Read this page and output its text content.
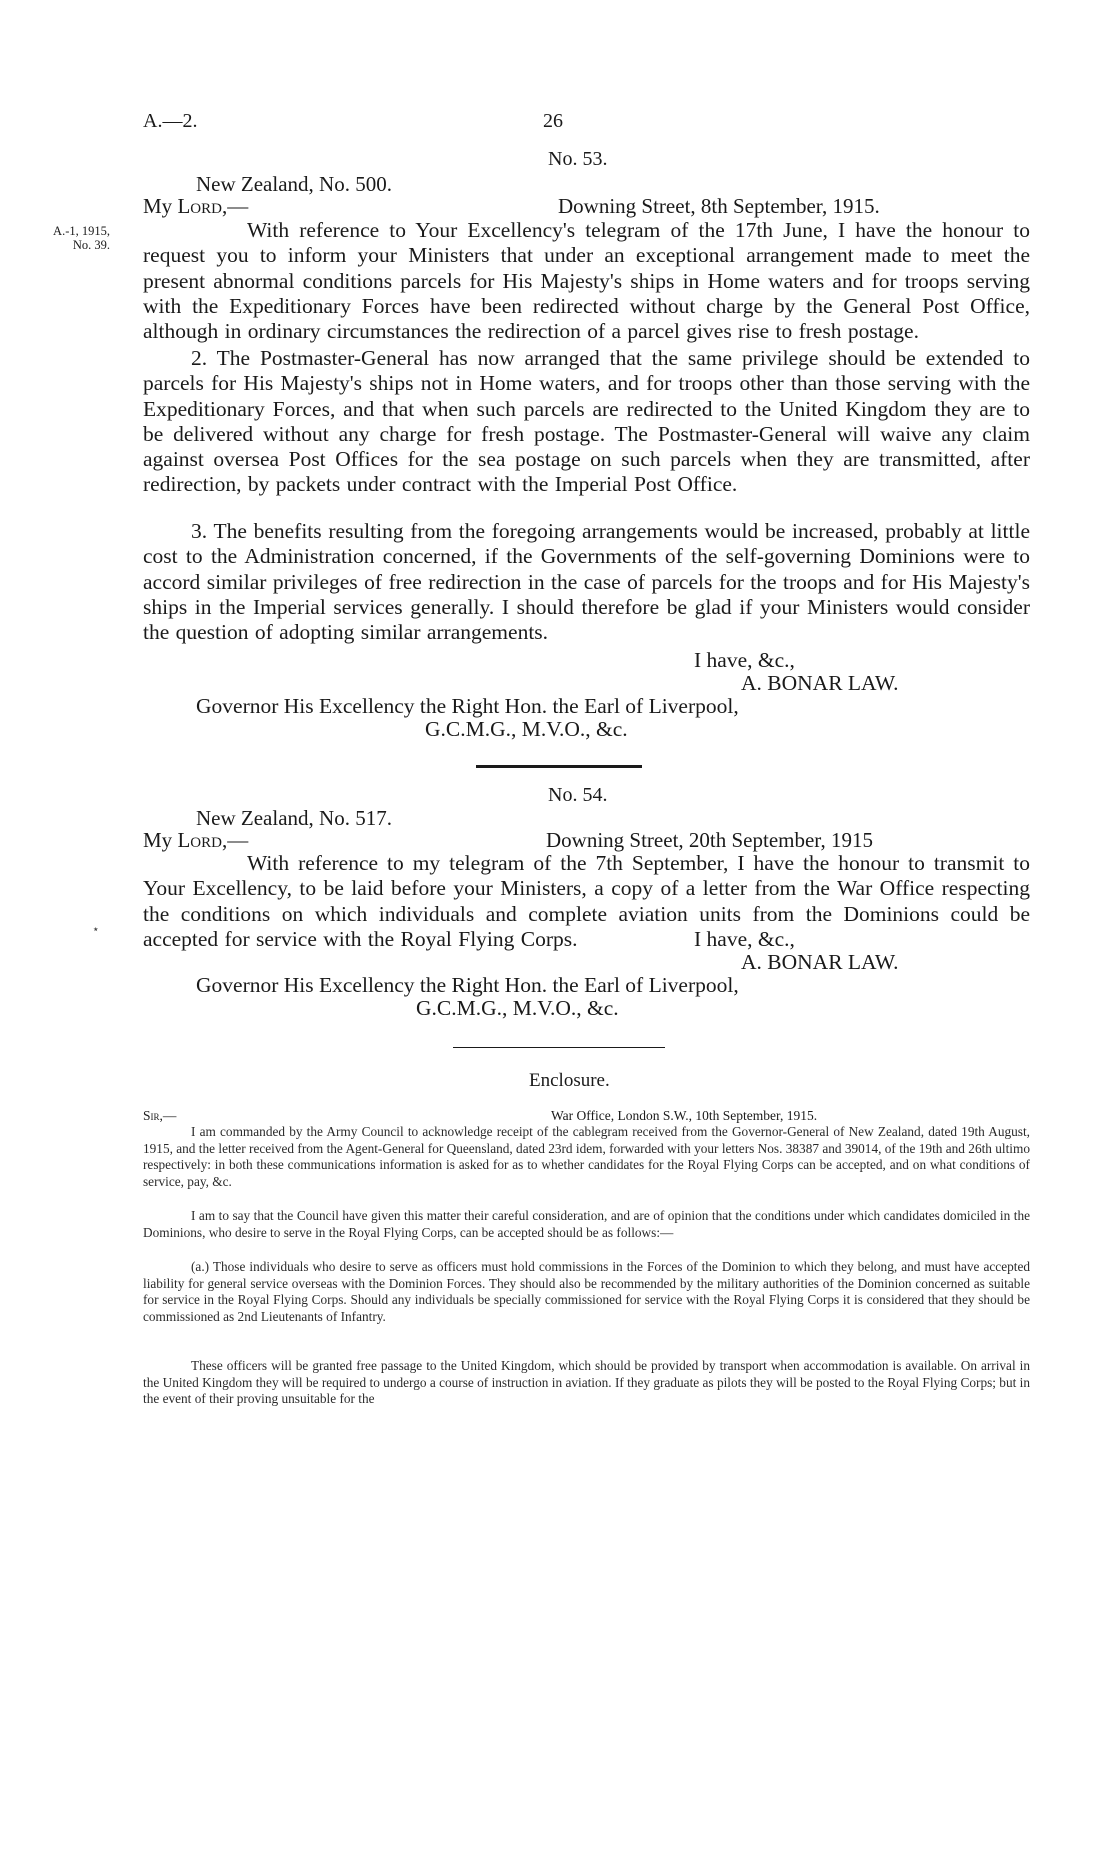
A.—2.	26
No. 53.
New Zealand, No. 500.
My Lord,—	Downing Street, 8th September, 1915.
A.-1, 1915,
No. 39.

With reference to Your Excellency's telegram of the 17th June, I have the honour to request you to inform your Ministers that under an exceptional arrangement made to meet the present abnormal conditions parcels for His Majesty's ships in Home waters and for troops serving with the Expeditionary Forces have been redirected without charge by the General Post Office, although in ordinary circumstances the redirection of a parcel gives rise to fresh postage.

2. The Postmaster-General has now arranged that the same privilege should be extended to parcels for His Majesty's ships not in Home waters, and for troops other than those serving with the Expeditionary Forces, and that when such parcels are redirected to the United Kingdom they are to be delivered without any charge for fresh postage. The Postmaster-General will waive any claim against oversea Post Offices for the sea postage on such parcels when they are transmitted, after redirection, by packets under contract with the Imperial Post Office.

3. The benefits resulting from the foregoing arrangements would be increased, probably at little cost to the Administration concerned, if the Governments of the self-governing Dominions were to accord similar privileges of free redirection in the case of parcels for the troops and for His Majesty's ships in the Imperial services generally. I should therefore be glad if your Ministers would consider the question of adopting similar arrangements.

I have, &c.,
A. BONAR LAW.
Governor His Excellency the Right Hon. the Earl of Liverpool,
G.C.M.G., M.V.O., &c.
No. 54.
New Zealand, No. 517.
My Lord,—	Downing Street, 20th September, 1915

With reference to my telegram of the 7th September, I have the honour to transmit to Your Excellency, to be laid before your Ministers, a copy of a letter from the War Office respecting the conditions on which individuals and complete aviation units from the Dominions could be accepted for service with the Royal Flying Corps.

⋆	I have, &c.,
A. BONAR LAW.
Governor His Excellency the Right Hon. the Earl of Liverpool,
G.C.M.G., M.V.O., &c.
Enclosure.
Sir,—	War Office, London S.W., 10th September, 1915.

I am commanded by the Army Council to acknowledge receipt of the cablegram received from the Governor-General of New Zealand, dated 19th August, 1915, and the letter received from the Agent-General for Queensland, dated 23rd idem, forwarded with your letters Nos. 38387 and 39014, of the 19th and 26th ultimo respectively: in both these communications information is asked for as to whether candidates for the Royal Flying Corps can be accepted, and on what conditions of service, pay, &c.

I am to say that the Council have given this matter their careful consideration, and are of opinion that the conditions under which candidates domiciled in the Dominions, who desire to serve in the Royal Flying Corps, can be accepted should be as follows:—

(a.) Those individuals who desire to serve as officers must hold commissions in the Forces of the Dominion to which they belong, and must have accepted liability for general service overseas with the Dominion Forces. They should also be recommended by the military authorities of the Dominion concerned as suitable for service in the Royal Flying Corps. Should any individuals be specially commissioned for service with the Royal Flying Corps it is considered that they should be commissioned as 2nd Lieutenants of Infantry.

These officers will be granted free passage to the United Kingdom, which should be provided by transport when accommodation is available. On arrival in the United Kingdom they will be required to undergo a course of instruction in aviation. If they graduate as pilots they will be posted to the Royal Flying Corps; but in the event of their proving unsuitable for the
